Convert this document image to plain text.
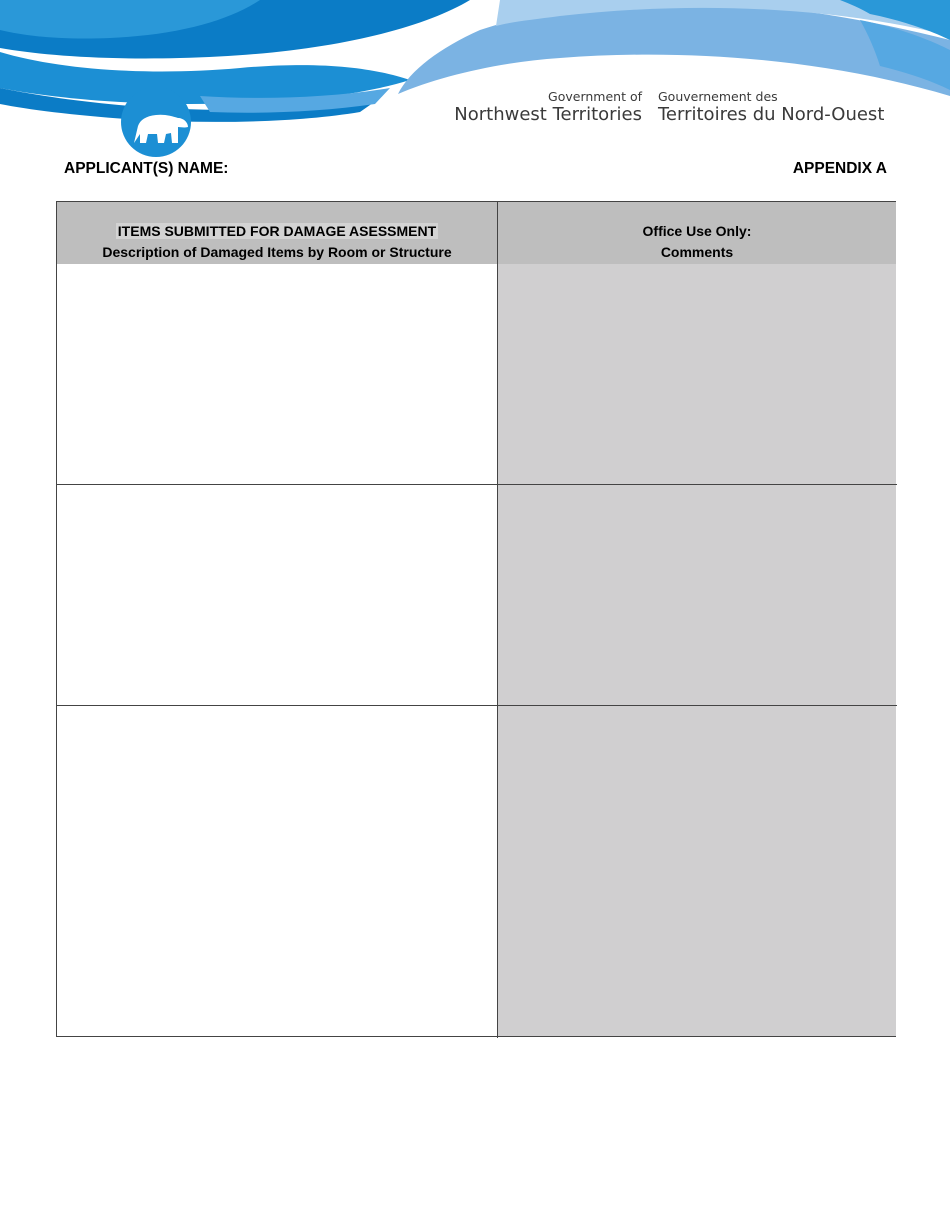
Government of
Northwest Territories
Gouvernement des
Territoires du Nord-Ouest
APPLICANT(S) NAME:	APPENDIX A
ITEMS SUBMITTED FOR DAMAGE ASESSMENT
Description of Damaged Items by Room or Structure
Office Use Only:
Comments
